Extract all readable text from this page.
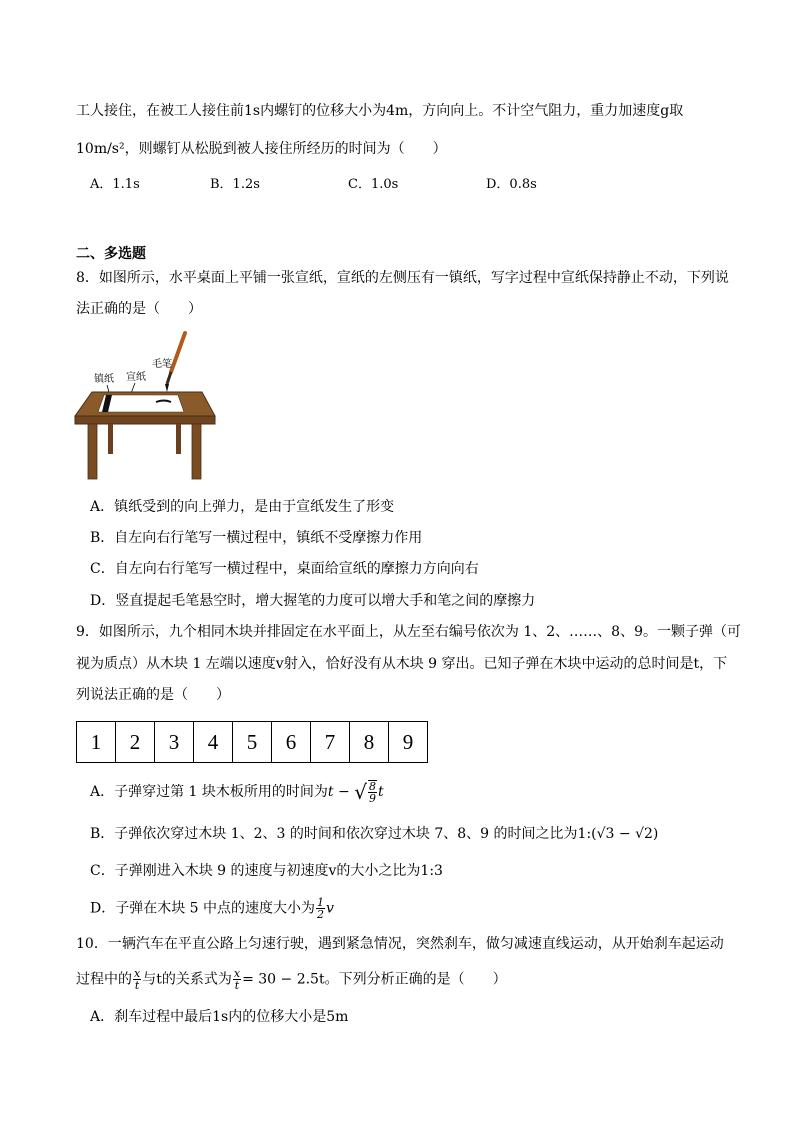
工人接住，在被工人接住前1s内螺钉的位移大小为4m，方向向上。不计空气阻力，重力加速度g取
10m/s²，则螺钉从松脱到被人接住所经历的时间为（　　）
A．1.1s	B．1.2s	C．1.0s	D．0.8s
二、多选题
8．如图所示，水平桌面上平铺一张宣纸，宣纸的左侧压有一镇纸，写字过程中宣纸保持静止不动，下列说
法正确的是（　　）
毛笔
镇纸 宣纸
A．镇纸受到的向上弹力，是由于宣纸发生了形变
B．自左向右行笔写一横过程中，镇纸不受摩擦力作用
C．自左向右行笔写一横过程中，桌面给宣纸的摩擦力方向向右
D．竖直提起毛笔悬空时，增大握笔的力度可以增大手和笔之间的摩擦力
9．如图所示，九个相同木块并排固定在水平面上，从左至右编号依次为 1、2、……、8、9。一颗子弹（可
视为质点）从木块 1 左端以速度v射入，恰好没有从木块 9 穿出。已知子弹在木块中运动的总时间是t，下
列说法正确的是（　　）
1	2	3	4	5	6	7	8	9
A．子弹穿过第 1 块木板所用的时间为t − √ $\frac{8}{9}$ t
B．子弹依次穿过木块 1、2、3 的时间和依次穿过木块 7、8、9 的时间之比为1:(√3 − √2)
C．子弹刚进入木块 9 的速度与初速度v的大小之比为1:3
D．子弹在木块 5 中点的速度大小为 $\frac{1}{2}$ v
10．一辆汽车在平直公路上匀速行驶，遇到紧急情况，突然刹车，做匀减速直线运动，从开始刹车起运动
过程中的 $\frac{x}{t}$ 与t的关系式为 $\frac{x}{t} = 30 - 2.5t$。下列分析正确的是（　　）
A．刹车过程中最后1s内的位移大小是5m
